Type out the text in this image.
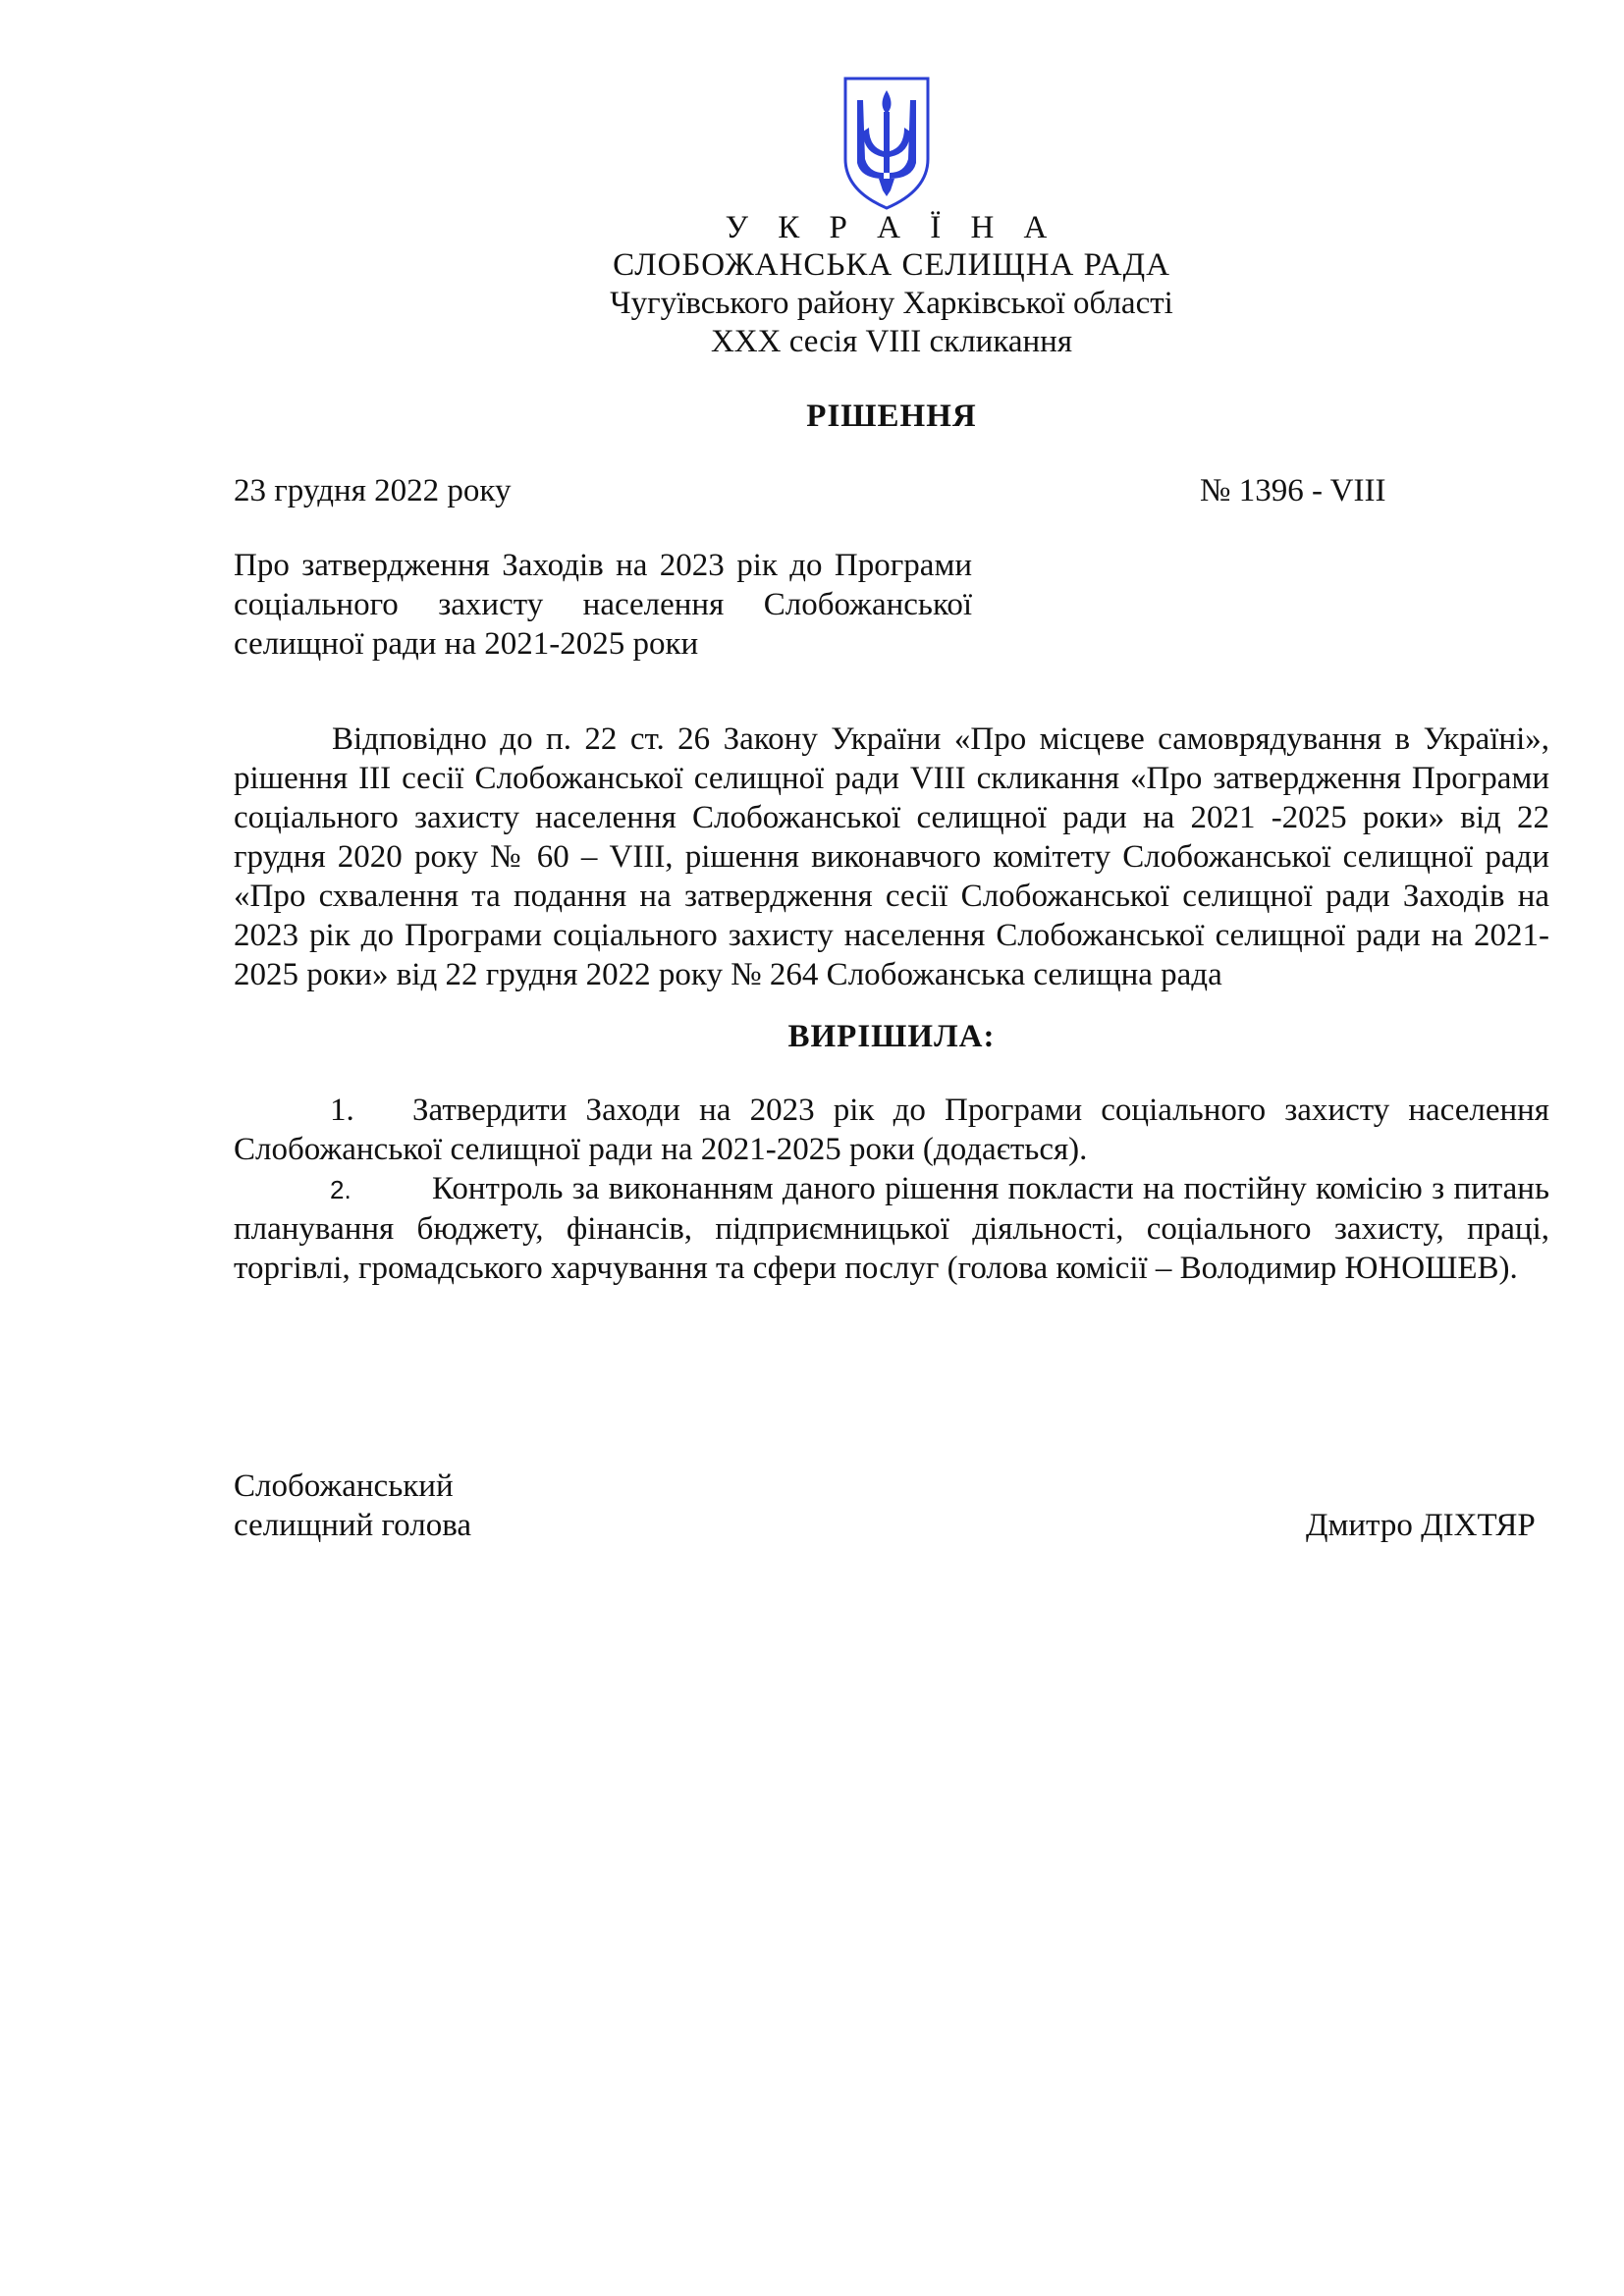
У К Р А Ї Н А
СЛОБОЖАНСЬКА СЕЛИЩНА РАДА
Чугуївського району Харківської області
XXX сесія VIII скликання
РІШЕННЯ
23 грудня 2022 року	№ 1396 - VIII
Про затвердження Заходів на 2023 рік до Програми соціального захисту населення Слобожанської селищної ради на 2021-2025 роки
Відповідно до п. 22 ст. 26 Закону України «Про місцеве самоврядування в Україні», рішення III сесії Слобожанської селищної ради VIII скликання «Про затвердження Програми соціального захисту населення Слобожанської селищної ради на 2021 -2025 роки» від 22 грудня 2020 року № 60 – VIII, рішення виконавчого комітету Слобожанської селищної ради «Про схвалення та подання на затвердження сесії Слобожанської селищної ради Заходів на 2023 рік до Програми соціального захисту населення Слобожанської селищної ради на 2021-2025 роки» від 22 грудня 2022 року № 264 Слобожанська селищна рада
ВИРІШИЛА:

1. Затвердити Заходи на 2023 рік до Програми соціального захисту населення Слобожанської селищної ради на 2021-2025 роки (додається).

2. Контроль за виконанням даного рішення покласти на постійну комісію з питань планування бюджету, фінансів, підприємницької діяльності, соціального захисту, праці, торгівлі, громадського харчування та сфери послуг (голова комісії – Володимир ЮНОШЕВ).

Слобожанський
селищний голова	Дмитро ДІХТЯР
